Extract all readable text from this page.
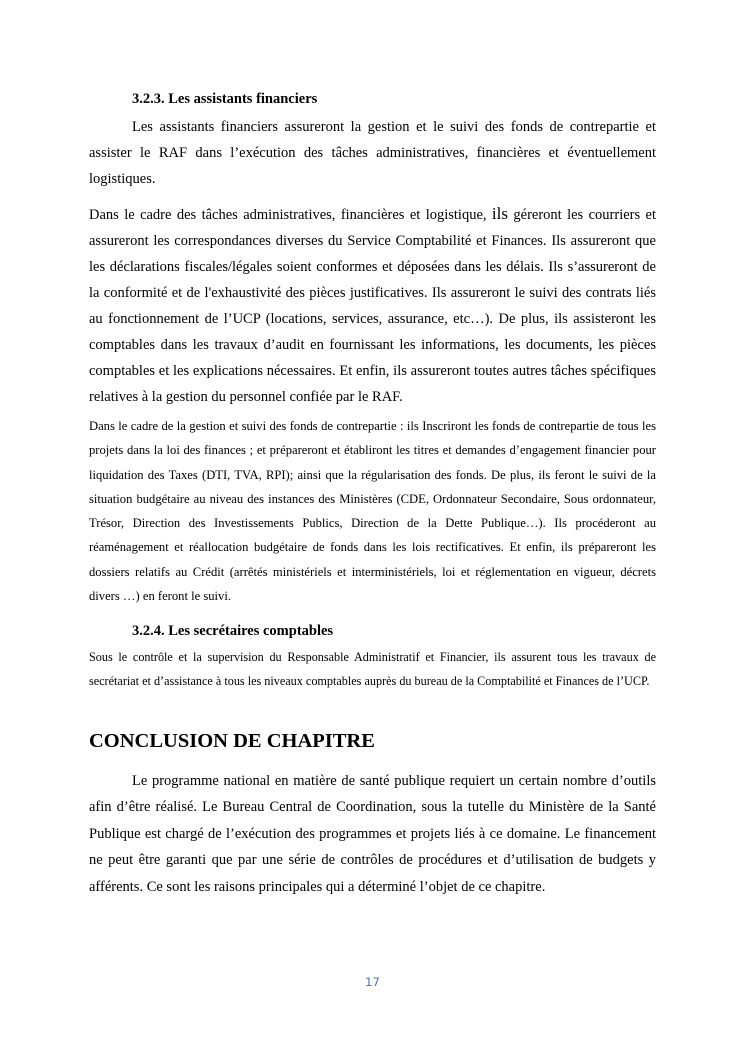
3.2.3. Les assistants financiers

Les assistants financiers assureront la gestion et le suivi des fonds de contrepartie et assister le RAF dans l’exécution des tâches administratives, financières et éventuellement logistiques.

Dans le cadre des tâches administratives, financières et logistique, ils géreront les courriers et assureront les correspondances diverses du Service Comptabilité et Finances. Ils assureront que les déclarations fiscales/légales soient conformes et déposées dans les délais. Ils s’assureront de la conformité et de l'exhaustivité des pièces justificatives. Ils assureront le suivi des contrats liés au fonctionnement de l’UCP (locations, services, assurance, etc…). De plus, ils assisteront les comptables dans les travaux d’audit en fournissant les informations, les documents, les pièces comptables et les explications nécessaires. Et enfin, ils assureront toutes autres tâches spécifiques relatives à la gestion du personnel confiée par le RAF.

Dans le cadre de la gestion et suivi des fonds de contrepartie : ils Inscriront les fonds de contrepartie de tous les projets dans la loi des finances ; et prépareront et établiront les titres et demandes d’engagement financier pour liquidation des Taxes (DTI, TVA, RPI); ainsi que la régularisation des fonds. De plus, ils feront le suivi de la situation budgétaire au niveau des instances des Ministères (CDE, Ordonnateur Secondaire, Sous ordonnateur, Trésor, Direction des Investissements Publics, Direction de la Dette Publique…). Ils procéderont au réaménagement et réallocation budgétaire de fonds dans les lois rectificatives. Et enfin, ils prépareront les dossiers relatifs au Crédit (arrêtés ministériels et interministériels, loi et réglementation en vigueur, décrets divers …) en feront le suivi.

3.2.4. Les secrétaires comptables

Sous le contrôle et la supervision du Responsable Administratif et Financier, ils assurent tous les travaux de secrétariat et d’assistance à tous les niveaux comptables auprès du bureau de la Comptabilité et Finances de l’UCP.

CONCLUSION DE CHAPITRE

Le programme national en matière de santé publique requiert un certain nombre d’outils afin d’être réalisé. Le Bureau Central de Coordination, sous la tutelle du Ministère de la Santé Publique est chargé de l’exécution des programmes et projets liés à ce domaine. Le financement ne peut être garanti que par une série de contrôles de procédures et d’utilisation de budgets y afférents. Ce sont les raisons principales qui a déterminé l’objet de ce chapitre.

17
